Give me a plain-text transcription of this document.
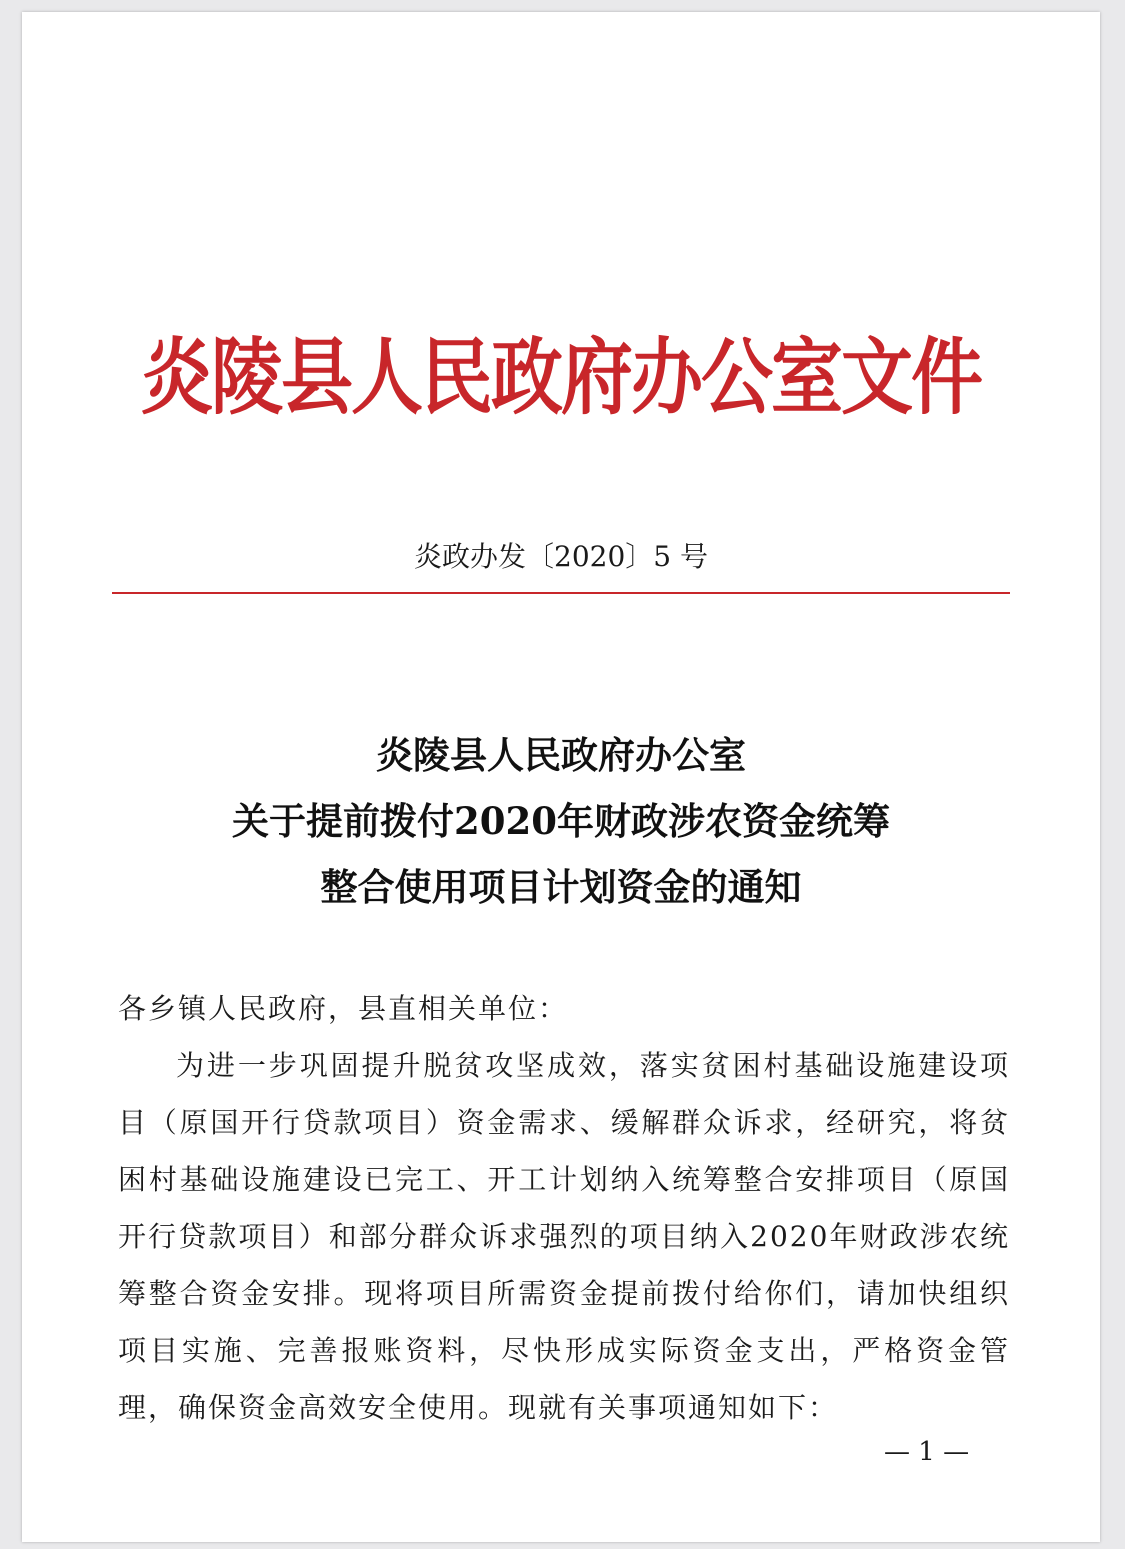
炎陵县人民政府办公室文件
炎政办发〔2020〕5 号
炎陵县人民政府办公室
关于提前拨付2020年财政涉农资金统筹
整合使用项目计划资金的通知

各乡镇人民政府，县直相关单位：

为进一步巩固提升脱贫攻坚成效，落实贫困村基础设施建设项目（原国开行贷款项目）资金需求、缓解群众诉求，经研究，将贫困村基础设施建设已完工、开工计划纳入统筹整合安排项目（原国开行贷款项目）和部分群众诉求强烈的项目纳入2020年财政涉农统筹整合资金安排。现将项目所需资金提前拨付给你们，请加快组织项目实施、完善报账资料，尽快形成实际资金支出，严格资金管理，确保资金高效安全使用。现就有关事项通知如下：

— 1 —
